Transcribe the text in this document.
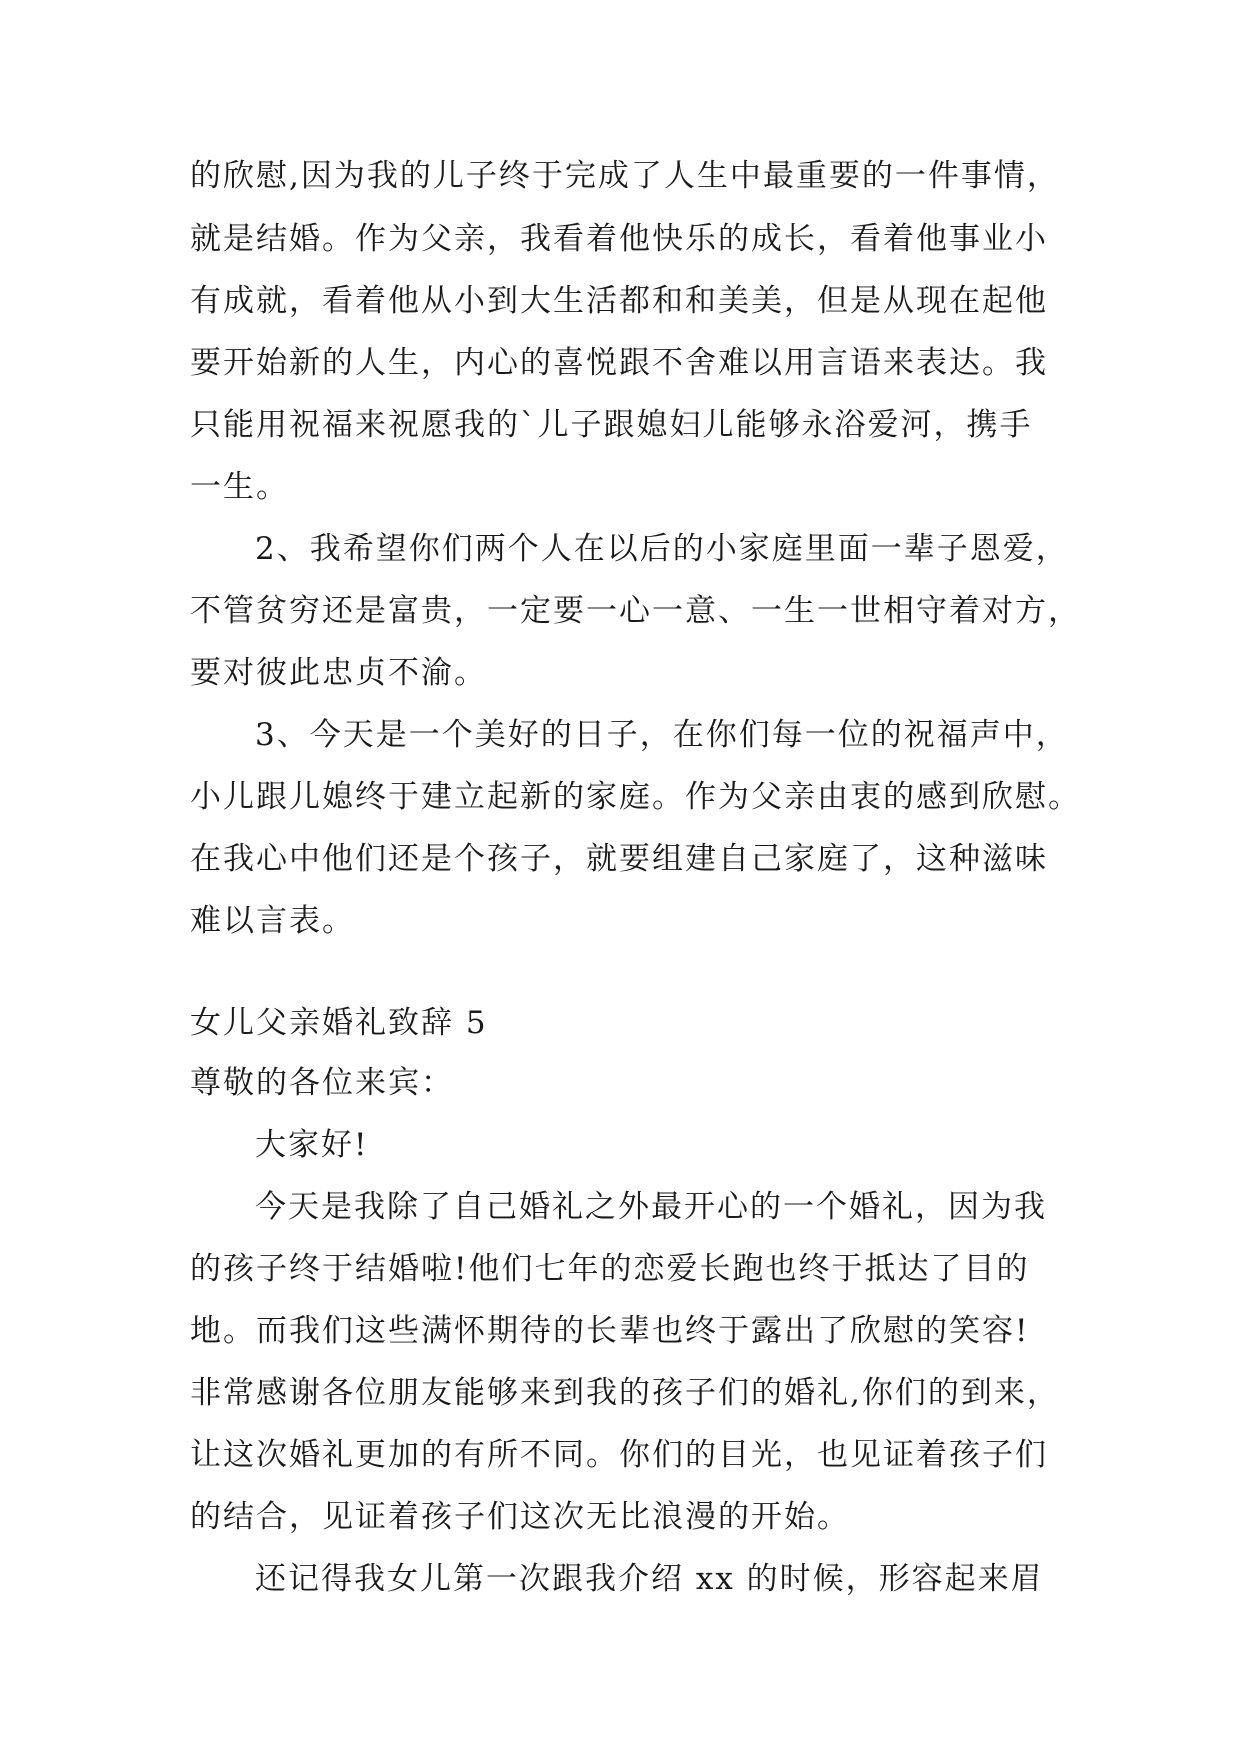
的欣慰,因为我的儿子终于完成了人生中最重要的一件事情，
就是结婚。作为父亲，我看着他快乐的成长，看着他事业小
有成就，看着他从小到大生活都和和美美，但是从现在起他
要开始新的人生，内心的喜悦跟不舍难以用言语来表达。我
只能用祝福来祝愿我的`儿子跟媳妇儿能够永浴爱河，携手
一生。
2、我希望你们两个人在以后的小家庭里面一辈子恩爱，
不管贫穷还是富贵，一定要一心一意、一生一世相守着对方，
要对彼此忠贞不渝。
3、今天是一个美好的日子，在你们每一位的祝福声中，
小儿跟儿媳终于建立起新的家庭。作为父亲由衷的感到欣慰。
在我心中他们还是个孩子，就要组建自己家庭了，这种滋味
难以言表。
女儿父亲婚礼致辞 5
尊敬的各位来宾：
大家好!
今天是我除了自己婚礼之外最开心的一个婚礼，因为我
的孩子终于结婚啦!他们七年的恋爱长跑也终于抵达了目的
地。而我们这些满怀期待的长辈也终于露出了欣慰的笑容!
非常感谢各位朋友能够来到我的孩子们的婚礼,你们的到来，
让这次婚礼更加的有所不同。你们的目光，也见证着孩子们
的结合，见证着孩子们这次无比浪漫的开始。
还记得我女儿第一次跟我介绍 xx 的时候，形容起来眉
